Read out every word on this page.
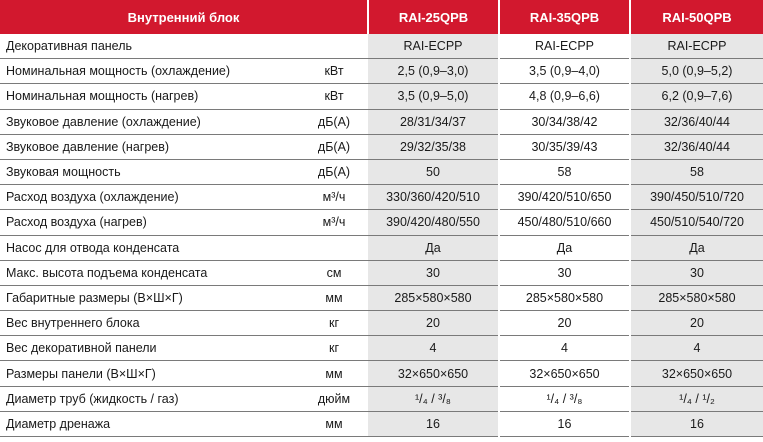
Внутренний блок		RAI-25QPB	RAI-35QPB	RAI-50QPB
Декоративная панель		RAI-ECPP	RAI-ECPP	RAI-ECPP
Номинальная мощность (охлаждение)	кВт	2,5 (0,9–3,0)	3,5 (0,9–4,0)	5,0 (0,9–5,2)
Номинальная мощность (нагрев)	кВт	3,5 (0,9–5,0)	4,8 (0,9–6,6)	6,2 (0,9–7,6)
Звуковое давление (охлаждение)	дБ(А)	28/31/34/37	30/34/38/42	32/36/40/44
Звуковое давление (нагрев)	дБ(А)	29/32/35/38	30/35/39/43	32/36/40/44
Звуковая мощность	дБ(А)	50	58	58
Расход воздуха (охлаждение)	м³/ч	330/360/420/510	390/420/510/650	390/450/510/720
Расход воздуха (нагрев)	м³/ч	390/420/480/550	450/480/510/660	450/510/540/720
Насос для отвода конденсата		Да	Да	Да
Макс. высота подъема конденсата	см	30	30	30
Габаритные размеры (В×Ш×Г)	мм	285×580×580	285×580×580	285×580×580
Вес внутреннего блока	кг	20	20	20
Вес декоративной панели	кг	4	4	4
Размеры панели (В×Ш×Г)	мм	32×650×650	32×650×650	32×650×650
Диаметр труб (жидкость / газ)	дюйм	¹/₄ / ³/₈	¹/₄ / ³/₈	¹/₄ / ¹/₂
Диаметр дренажа	мм	16	16	16
